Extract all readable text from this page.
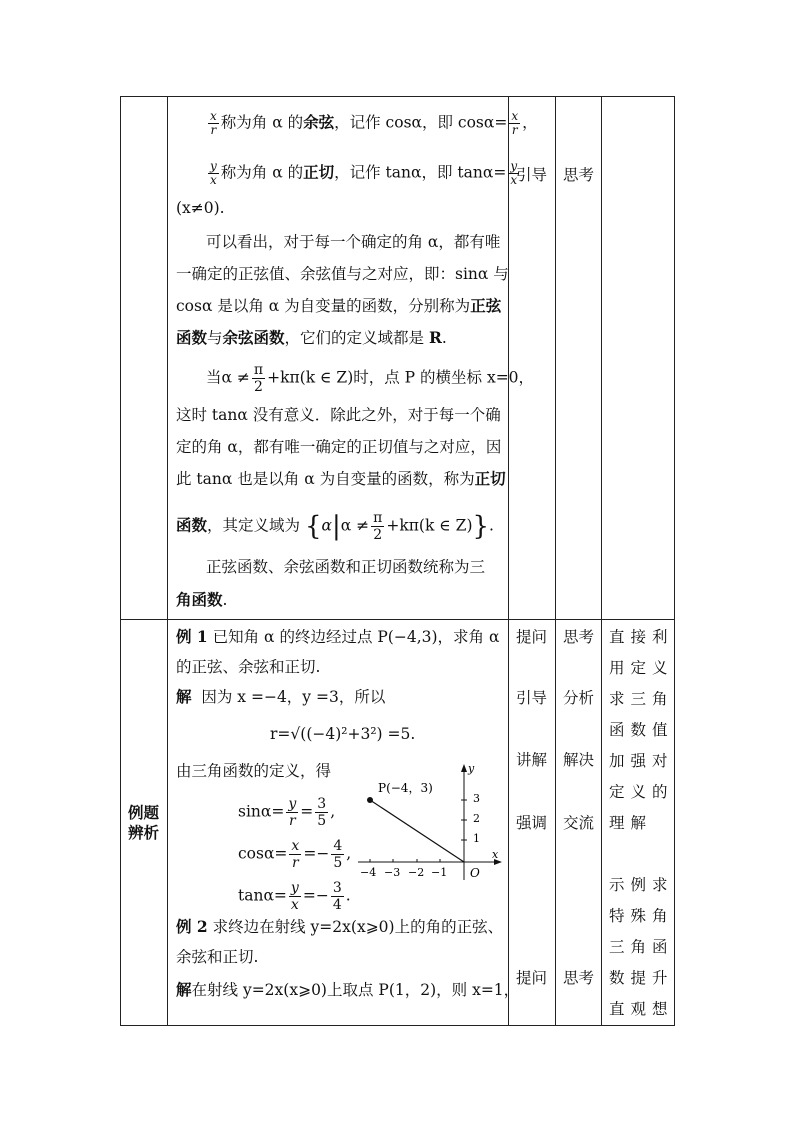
$\frac{x}{r}$ 称为角 α 的余弦，记作 cosα，即 $\cos\alpha= \frac{x}{r}$ ，
$\frac{y}{x}$ 称为角 α 的正切，记作 tanα，即 $\tan\alpha= \frac{y}{x}$
(x≠0).
可以看出，对于每一个确定的角 α，都有唯
一确定的正弦值、余弦值与之对应，即：sinα 与
cosα 是以角 α 为自变量的函数，分别称为正弦
函数与余弦函数，它们的定义域都是 R.
当$\alpha \ne \frac{\pi}{2} +k\pi(k$ ∈ Z)时，点 P 的横坐标 x=0，
这时 tanα 没有意义．除此之外，对于每一个确
定的角 α，都有唯一确定的正切值与之对应，因
此 tanα 也是以角 α 为自变量的函数，称为正切
函数，其定义域为 {$\alpha|\alpha \ne \frac{\pi}{2} +k\pi(k$ ∈ Z)}.
正弦函数、余弦函数和正切函数统称为三
角函数.
引导 思考
例题
辨析
例 1 已知角 α 的终边经过点 P(−4,3)，求角 α
的正弦、余弦和正切.
解 因为 x =−4，y =3，所以
r=√((−4)²+3²) =5.
由三角函数的定义，得
$\sin\alpha= \frac{y}{r} = \frac{3}{5}$ ,
$\cos\alpha= \frac{x}{r} =- \frac{4}{5}$ ,
$\tan\alpha= \frac{y}{x} =- \frac{3}{4}$ .
P(−4，3)
y
x
O
3
2
1
−4 −3 −2 −1
例 2 求终边在射线 y=2x(x⩾0)上的角的正弦、
余弦和正切.
解在射线 y=2x(x⩾0)上取点 P(1，2)，则 x=1，
提问
引导
讲解
强调
提问
思考
分析
解决
交流
思考
直接利
用定义
求三角
函数值
加强对
定义的
理解
示例求
特殊角
三角函
数提升
直观想
